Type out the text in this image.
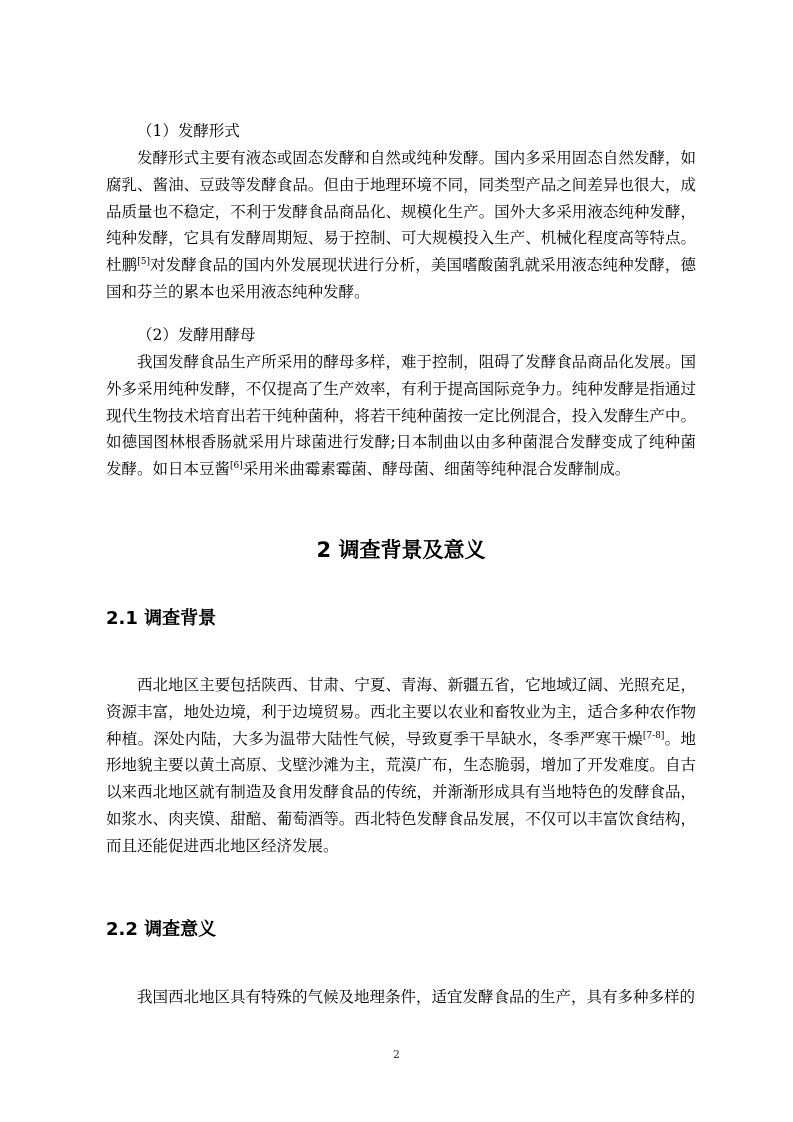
（1）发酵形式

发酵形式主要有液态或固态发酵和自然或纯种发酵。国内多采用固态自然发酵，如腐乳、酱油、豆豉等发酵食品。但由于地理环境不同，同类型产品之间差异也很大，成品质量也不稳定，不利于发酵食品商品化、规模化生产。国外大多采用液态纯种发酵，纯种发酵，它具有发酵周期短、易于控制、可大规模投入生产、机械化程度高等特点。杜鹏[5]对发酵食品的国内外发展现状进行分析，美国嗜酸菌乳就采用液态纯种发酵，德国和芬兰的累本也采用液态纯种发酵。

（2）发酵用酵母

我国发酵食品生产所采用的酵母多样，难于控制，阻碍了发酵食品商品化发展。国外多采用纯种发酵，不仅提高了生产效率，有利于提高国际竞争力。纯种发酵是指通过现代生物技术培育出若干纯种菌种，将若干纯种菌按一定比例混合，投入发酵生产中。如德国图林根香肠就采用片球菌进行发酵;日本制曲以由多种菌混合发酵变成了纯种菌发酵。如日本豆酱[6]采用米曲霉素霉菌、酵母菌、细菌等纯种混合发酵制成。

2 调查背景及意义
2.1 调查背景

西北地区主要包括陕西、甘肃、宁夏、青海、新疆五省，它地域辽阔、光照充足，资源丰富，地处边境，利于边境贸易。西北主要以农业和畜牧业为主，适合多种农作物种植。深处内陆，大多为温带大陆性气候，导致夏季干旱缺水，冬季严寒干燥[7-8]。地形地貌主要以黄土高原、戈壁沙滩为主，荒漠广布，生态脆弱，增加了开发难度。自古以来西北地区就有制造及食用发酵食品的传统，并渐渐形成具有当地特色的发酵食品，如浆水、肉夹馍、甜醅、葡萄酒等。西北特色发酵食品发展，不仅可以丰富饮食结构，而且还能促进西北地区经济发展。

2.2 调查意义

我国西北地区具有特殊的气候及地理条件，适宜发酵食品的生产，具有多种多样的

2
